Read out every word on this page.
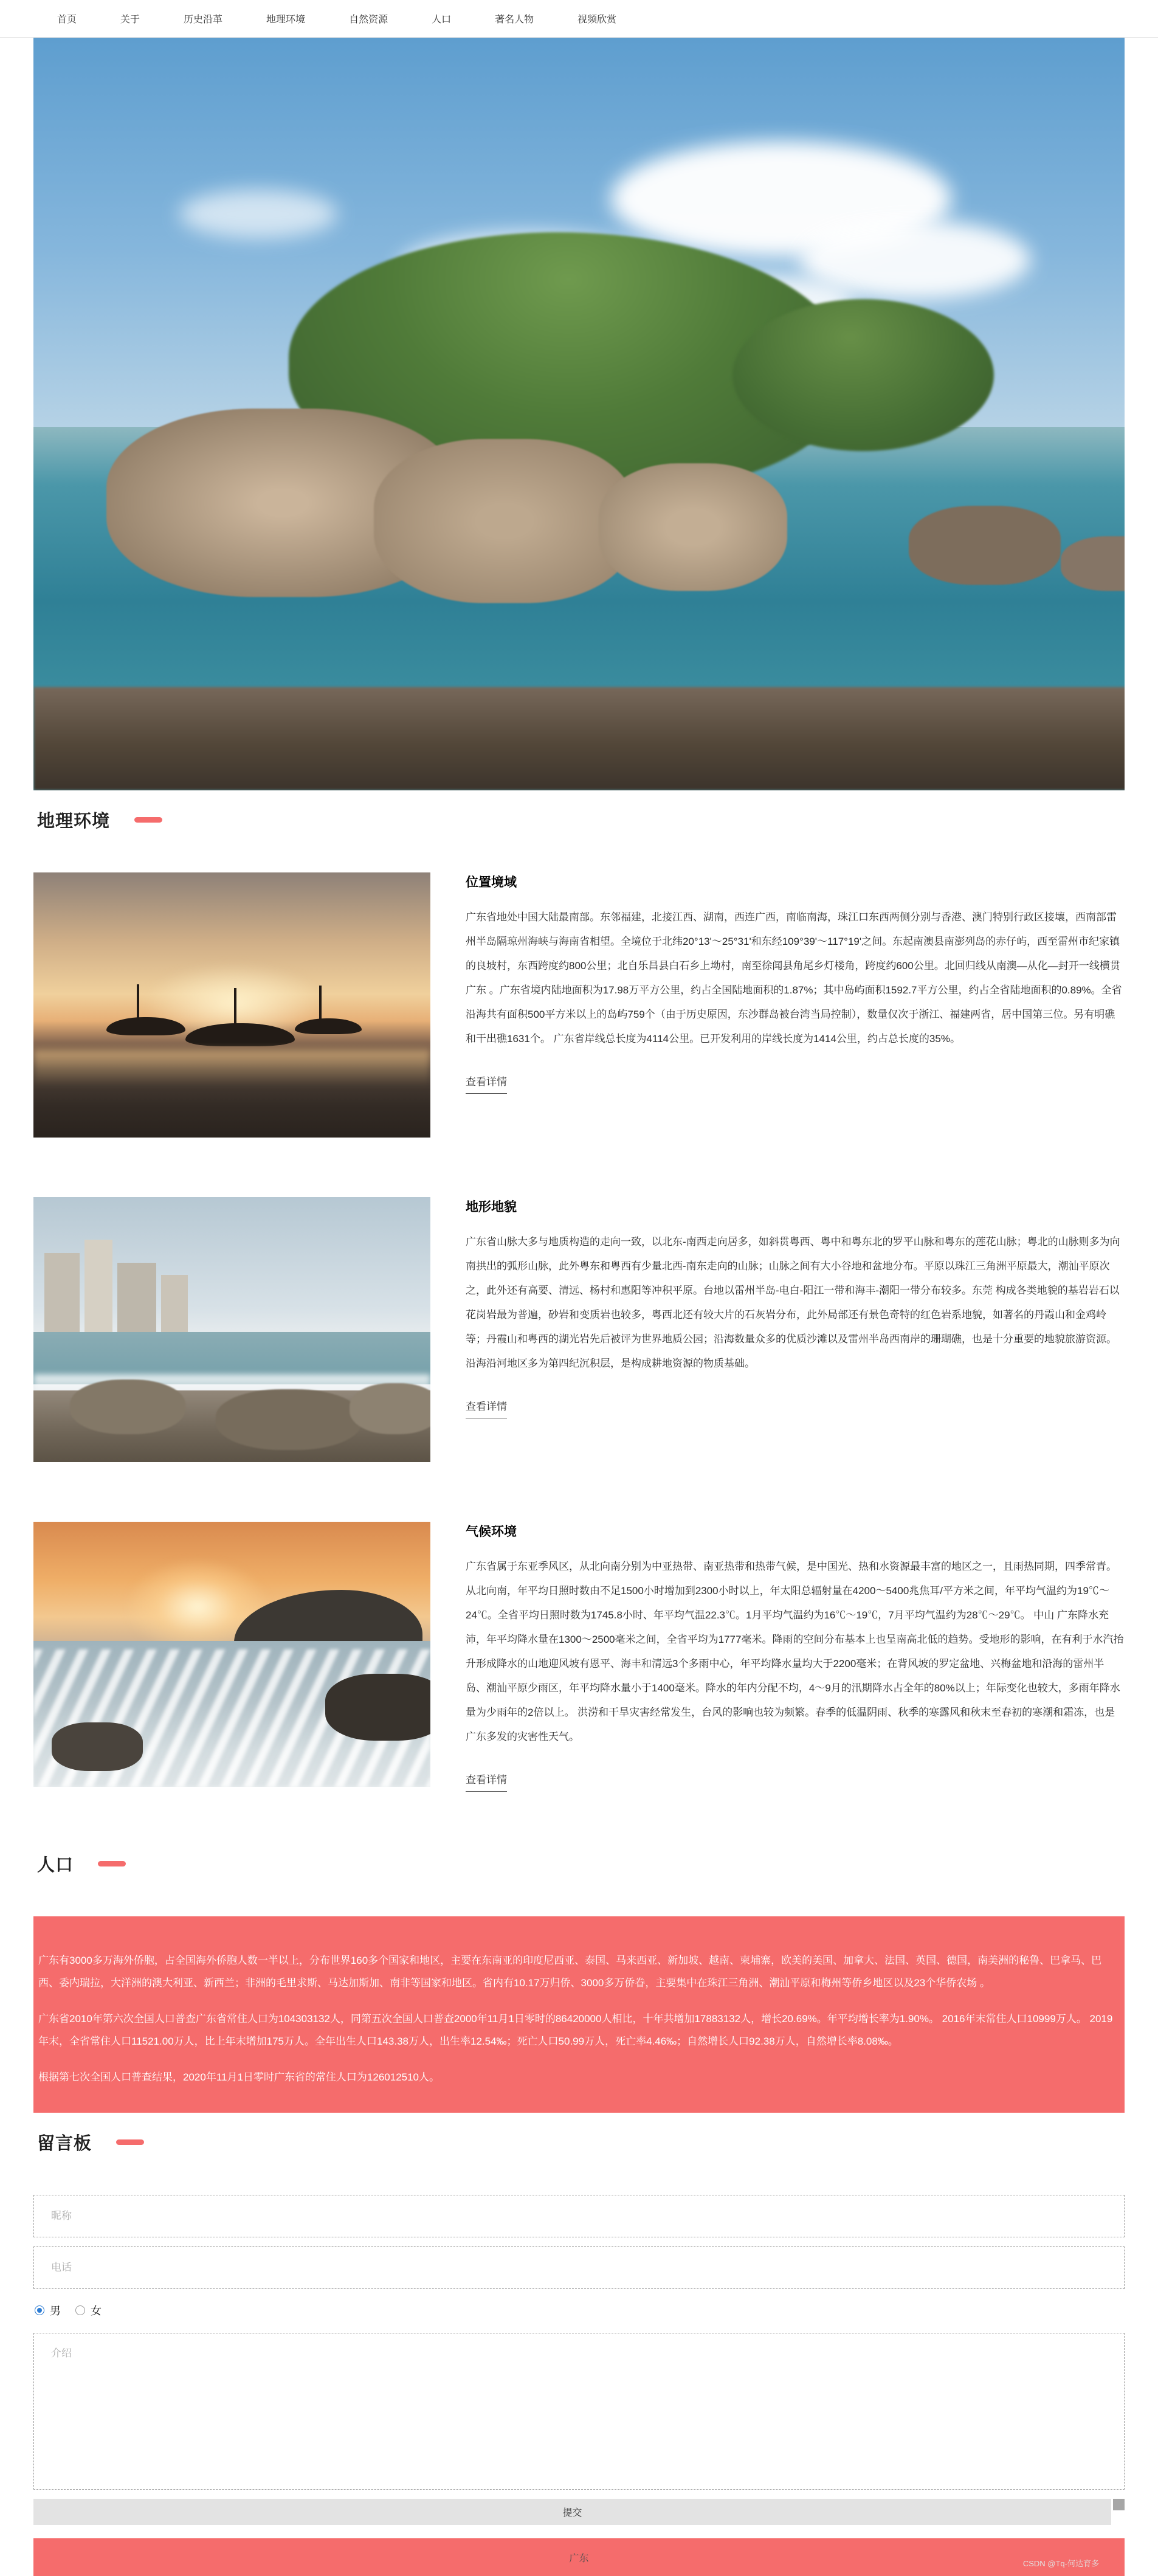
首页	关于	历史沿革	地理环境	自然资源	人口	著名人物	视频欣赏
地理环境
位置境域

广东省地处中国大陆最南部。东邻福建，北接江西、湖南，西连广西，南临南海，珠江口东西两侧分别与香港、澳门特别行政区接壤，西南部雷州半岛隔琼州海峡与海南省相望。全境位于北纬20°13'～25°31'和东经109°39'～117°19'之间。东起南澳县南澎列岛的赤仔屿，西至雷州市纪家镇的良坡村，东西跨度约800公里；北自乐昌县白石乡上坳村，南至徐闻县角尾乡灯楼角，跨度约600公里。北回归线从南澳—从化—封开一线横贯广东 。广东省境内陆地面积为17.98万平方公里，约占全国陆地面积的1.87%；其中岛屿面积1592.7平方公里，约占全省陆地面积的0.89%。全省沿海共有面积500平方米以上的岛屿759个（由于历史原因，东沙群岛被台湾当局控制），数量仅次于浙江、福建两省，居中国第三位。另有明礁和干出礁1631个。 广东省岸线总长度为4114公里。已开发利用的岸线长度为1414公里，约占总长度的35%。

查看详情
地形地貌

广东省山脉大多与地质构造的走向一致，以北东-南西走向居多，如斜贯粤西、粤中和粤东北的罗平山脉和粤东的莲花山脉；粤北的山脉则多为向南拱出的弧形山脉，此外粤东和粤西有少量北西-南东走向的山脉；山脉之间有大小谷地和盆地分布。平原以珠江三角洲平原最大，潮汕平原次之，此外还有高要、清远、杨村和惠阳等冲积平原。台地以雷州半岛-电白-阳江一带和海丰-潮阳一带分布较多。东莞 构成各类地貌的基岩岩石以花岗岩最为普遍，砂岩和变质岩也较多，粤西北还有较大片的石灰岩分布，此外局部还有景色奇特的红色岩系地貌，如著名的丹霞山和金鸡岭等；丹霞山和粤西的湖光岩先后被评为世界地质公园；沿海数量众多的优质沙滩以及雷州半岛西南岸的珊瑚礁，也是十分重要的地貌旅游资源。沿海沿河地区多为第四纪沉积层，是构成耕地资源的物质基础。

查看详情
气候环境

广东省属于东亚季风区，从北向南分别为中亚热带、南亚热带和热带气候，是中国光、热和水资源最丰富的地区之一，且雨热同期，四季常青。 从北向南，年平均日照时数由不足1500小时增加到2300小时以上，年太阳总辐射量在4200～5400兆焦耳/平方米之间，年平均气温约为19℃～24℃。全省平均日照时数为1745.8小时、年平均气温22.3℃。1月平均气温约为16℃～19℃，7月平均气温约为28℃～29℃。 中山 广东降水充沛，年平均降水量在1300～2500毫米之间，全省平均为1777毫米。降雨的空间分布基本上也呈南高北低的趋势。受地形的影响，在有利于水汽抬升形成降水的山地迎风坡有恩平、海丰和清远3个多雨中心，年平均降水量均大于2200毫米；在背风坡的罗定盆地、兴梅盆地和沿海的雷州半岛、潮汕平原少雨区，年平均降水量小于1400毫米。降水的年内分配不均，4～9月的汛期降水占全年的80%以上；年际变化也较大，多雨年降水量为少雨年的2倍以上。 洪涝和干旱灾害经常发生，台风的影响也较为频繁。春季的低温阴雨、秋季的寒露风和秋末至春初的寒潮和霜冻，也是广东多发的灾害性天气。

查看详情
人口

广东有3000多万海外侨胞，占全国海外侨胞人数一半以上，分布世界160多个国家和地区，主要在东南亚的印度尼西亚、泰国、马来西亚、新加坡、越南、柬埔寨，欧美的美国、加拿大、法国、英国、德国，南美洲的秘鲁、巴拿马、巴西、委内瑞拉，大洋洲的澳大利亚、新西兰；非洲的毛里求斯、马达加斯加、南非等国家和地区。省内有10.17万归侨、3000多万侨眷，主要集中在珠江三角洲、潮汕平原和梅州等侨乡地区以及23个华侨农场 。

广东省2010年第六次全国人口普查广东省常住人口为104303132人，同第五次全国人口普查2000年11月1日零时的86420000人相比，十年共增加17883132人，增长20.69%。年平均增长率为1.90%。 2016年末常住人口10999万人。 2019年末，全省常住人口11521.00万人，比上年末增加175万人。全年出生人口143.38万人，出生率12.54‰；死亡人口50.99万人，死亡率4.46‰；自然增长人口92.38万人，自然增长率8.08‰。

根据第七次全国人口普查结果，2020年11月1日零时广东省的常住人口为126012510人。

留言板
昵称
电话
男	女
介绍
提交
广东	CSDN @Tq-何达育多
